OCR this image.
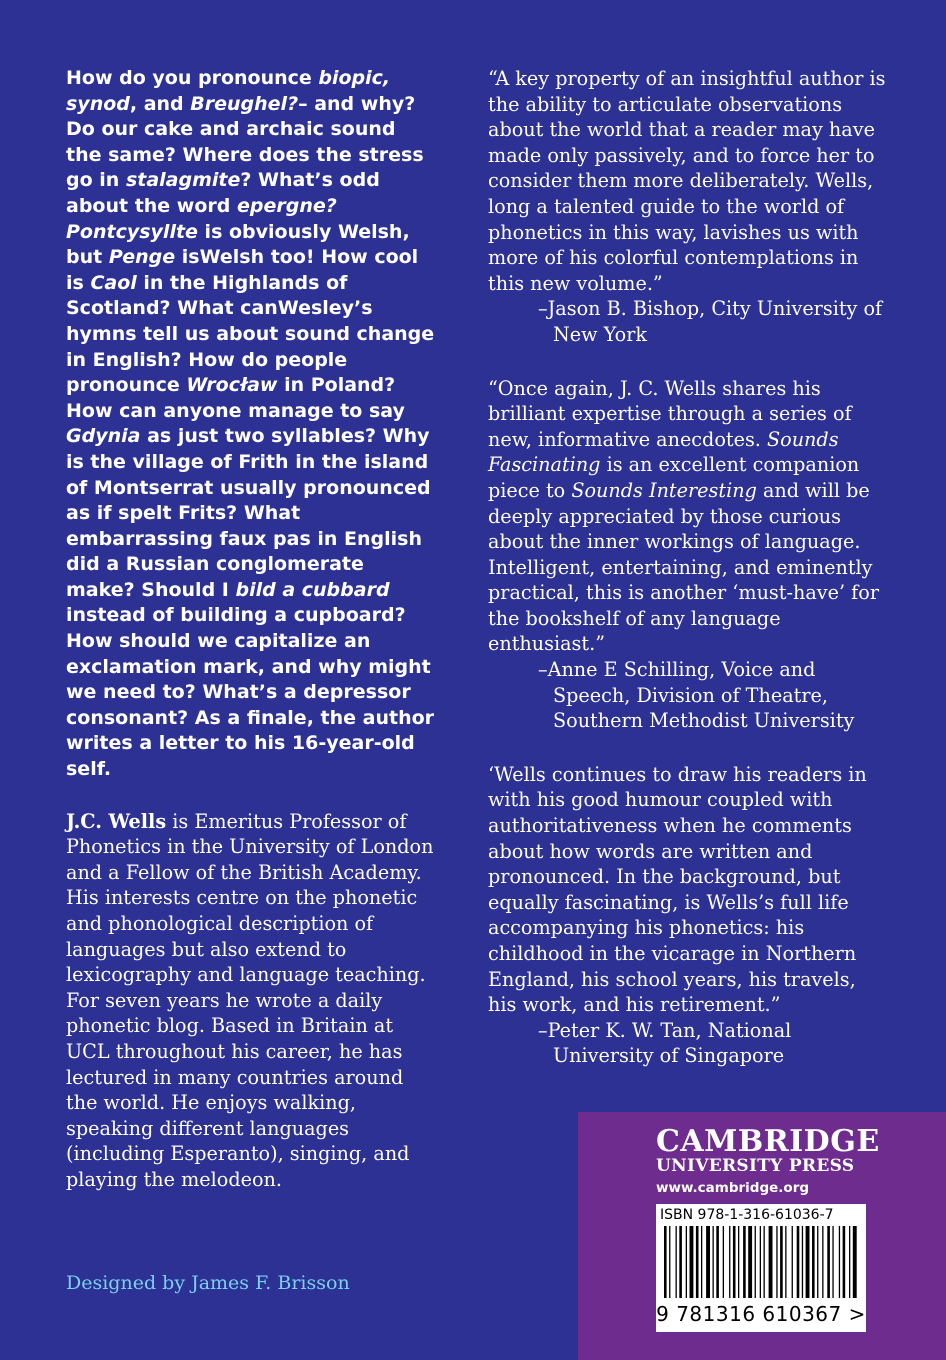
How do you pronounce biopic, synod, and Breughel?– and why? Do our cake and archaic sound the same? Where does the stress go in stalagmite? What’s odd about the word epergne? Pontcysyllte is obviously Welsh, but Penge isWelsh too! How cool is Caol in the Highlands of Scotland? What canWesley’s hymns tell us about sound change in English? How do people pronounce Wrocław in Poland? How can anyone manage to say Gdynia as just two syllables? Why is the village of Frith in the island of Montserrat usually pronounced as if spelt Frits? What embarrassing faux pas in English did a Russian conglomerate make? Should I bild a cubbard instead of building a cupboard? How should we capitalize an exclamation mark, and why might we need to? What’s a depressor consonant? As a finale, the author writes a letter to his 16-year-old self.
J.C. Wells is Emeritus Professor of Phonetics in the University of London and a Fellow of the British Academy. His interests centre on the phonetic and phonological description of languages but also extend to lexicography and language teaching. For seven years he wrote a daily phonetic blog. Based in Britain at UCL throughout his career, he has lectured in many countries around the world. He enjoys walking, speaking different languages (including Esperanto), singing, and playing the melodeon.

“A key property of an insightful author is the ability to articulate observations about the world that a reader may have made only passively, and to force her to consider them more deliberately. Wells, long a talented guide to the world of phonetics in this way, lavishes us with more of his colorful contemplations in this new volume.”

–Jason B. Bishop, City University of New York

“Once again, J. C. Wells shares his brilliant expertise through a series of new, informative anecdotes. Sounds Fascinating is an excellent companion piece to Sounds Interesting and will be deeply appreciated by those curious about the inner workings of language. Intelligent, entertaining, and eminently practical, this is another ‘must-have’ for the bookshelf of any language enthusiast.”

–Anne E Schilling, Voice and Speech, Division of Theatre, Southern Methodist University

‘Wells continues to draw his readers in with his good humour coupled with authoritativeness when he comments about how words are written and pronounced. In the background, but equally fascinating, is Wells’s full life accompanying his phonetics: his childhood in the vicarage in Northern England, his school years, his travels, his work, and his retirement.”

–Peter K. W. Tan, National University of Singapore

Designed by James F. Brisson
CAMBRIDGE
UNIVERSITY PRESS
www.cambridge.org
ISBN 978-1-316-61036-7
9 781316 610367 >
